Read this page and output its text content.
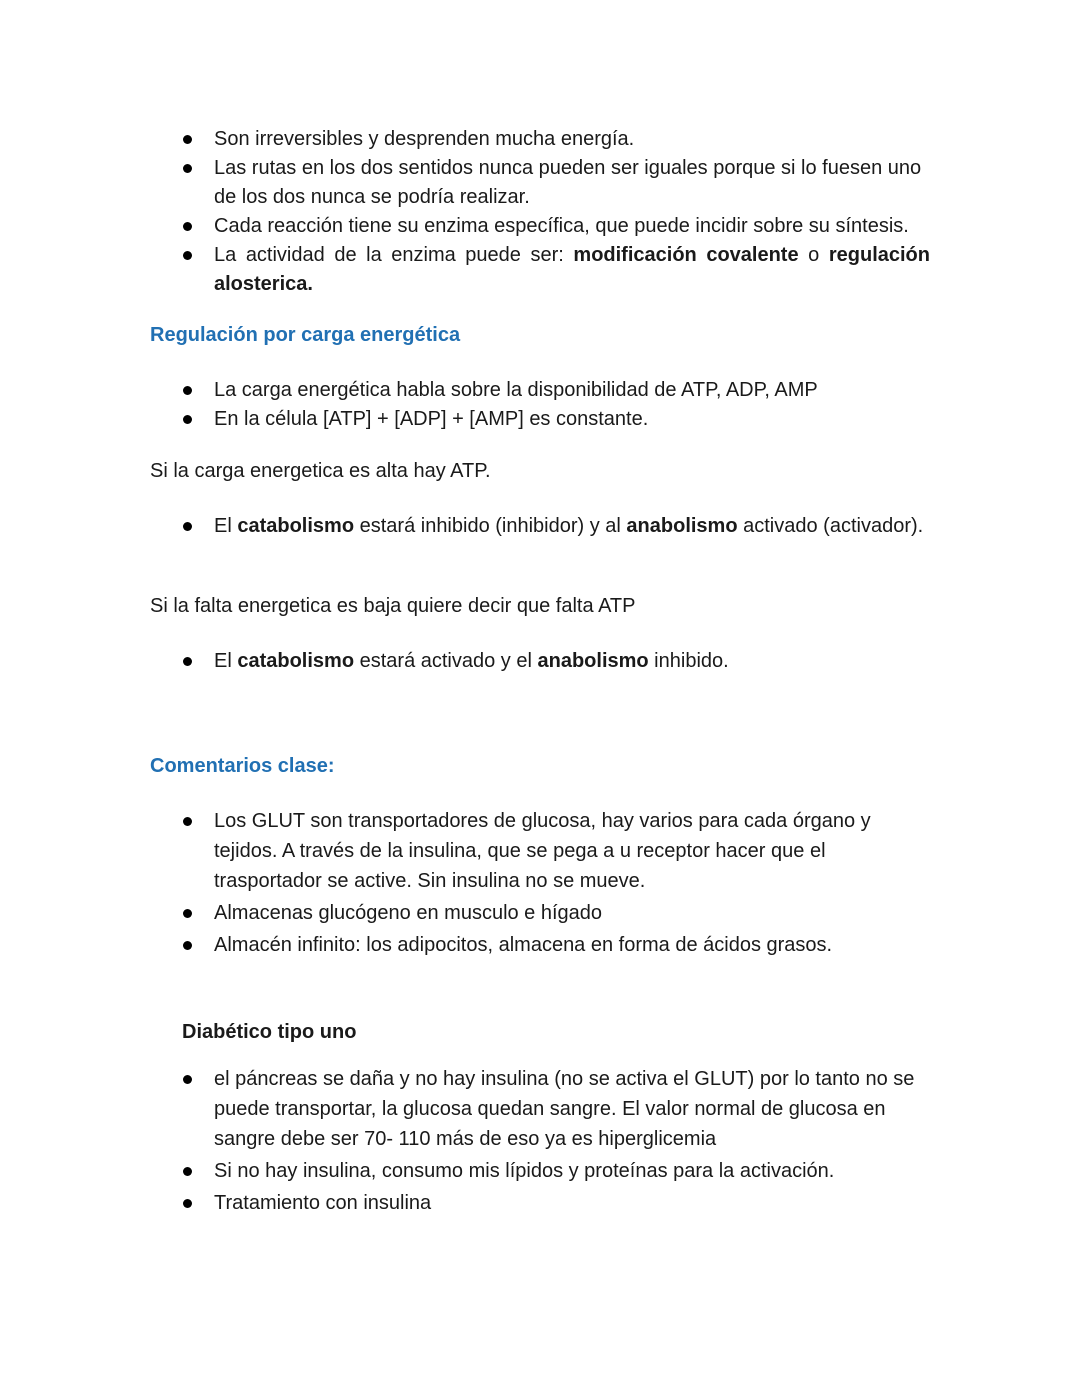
Son irreversibles y desprenden mucha energía.
Las rutas en los dos sentidos nunca pueden ser iguales porque si lo fuesen uno de los dos nunca se podría realizar.
Cada reacción tiene su enzima específica, que puede incidir sobre su síntesis.
La actividad de la enzima puede ser: modificación covalente o regulación alosterica.
Regulación por carga energética
La carga energética habla sobre la disponibilidad de ATP, ADP, AMP
En la célula [ATP] + [ADP] + [AMP] es constante.
Si la carga energetica es alta hay ATP.
El catabolismo estará inhibido (inhibidor) y al anabolismo activado (activador).
Si la falta energetica es baja quiere decir que falta ATP
El catabolismo estará activado y el anabolismo inhibido.
Comentarios clase:
Los GLUT son transportadores de glucosa, hay varios para cada órgano y tejidos. A través de la insulina, que se pega a u receptor hacer que el trasportador se active. Sin insulina no se mueve.
Almacenas glucógeno en musculo e hígado
Almacén infinito: los adipocitos, almacena en forma de ácidos grasos.
Diabético tipo uno
el páncreas se daña y no hay insulina (no se activa el GLUT) por lo tanto no se puede transportar, la glucosa quedan sangre. El valor normal de glucosa en sangre debe ser 70- 110 más de eso ya es hiperglicemia
Si no hay insulina, consumo mis lípidos y proteínas para la activación.
Tratamiento con insulina
